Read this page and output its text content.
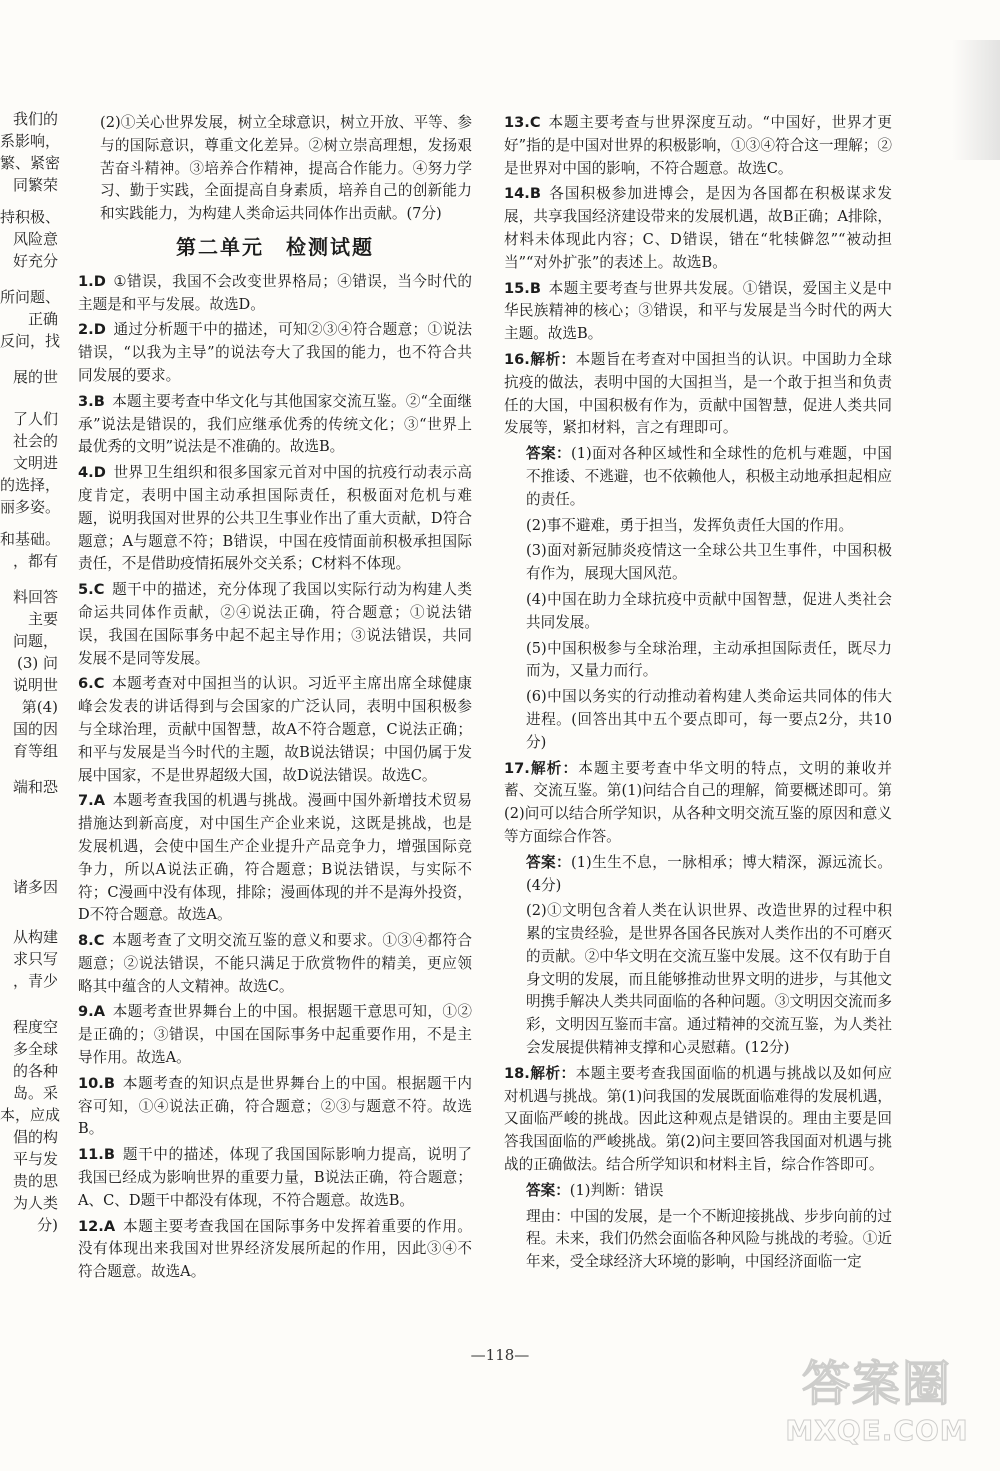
我们的

系影响，

繁、紧密

同繁荣

持积极、

风险意

好充分

所问题、

正确

反问，找

展的世

了人们

社会的

文明进

的选择，

丽多姿。

和基础。

，都有

料回答

主要

问题，

(3) 问

说明世

第(4)

国的因

育等组

端和恐

诸多因

从构建

求只写

，青少

程度空

多全球

的各种

岛。采

本，应成

倡的构

平与发

贵的思

为人类

分)

(2)①关心世界发展，树立全球意识，树立开放、平等、参与的国际意识，尊重文化差异。②树立崇高理想，发扬艰苦奋斗精神。③培养合作精神，提高合作能力。④努力学习、勤于实践，全面提高自身素质，培养自己的创新能力和实践能力，为构建人类命运共同体作出贡献。(7分)

第二单元　检测试题

1.D  ①错误，我国不会改变世界格局；④错误，当今时代的主题是和平与发展。故选D。

2.D  通过分析题干中的描述，可知②③④符合题意；①说法错误，“以我为主导”的说法夸大了我国的能力，也不符合共同发展的要求。

3.B  本题主要考查中华文化与其他国家交流互鉴。②“全面继承”说法是错误的，我们应继承优秀的传统文化；③“世界上最优秀的文明”说法是不准确的。故选B。

4.D  世界卫生组织和很多国家元首对中国的抗疫行动表示高度肯定，表明中国主动承担国际责任，积极面对危机与难题，说明我国对世界的公共卫生事业作出了重大贡献，D符合题意；A与题意不符；B错误，中国在疫情面前积极承担国际责任，不是借助疫情拓展外交关系；C材料不体现。

5.C  题干中的描述，充分体现了我国以实际行动为构建人类命运共同体作贡献，②④说法正确，符合题意；①说法错误，我国在国际事务中起不起主导作用；③说法错误，共同发展不是同等发展。

6.C  本题考查对中国担当的认识。习近平主席出席全球健康峰会发表的讲话得到与会国家的广泛认同，表明中国积极参与全球治理，贡献中国智慧，故A不符合题意，C说法正确；和平与发展是当今时代的主题，故B说法错误；中国仍属于发展中国家，不是世界超级大国，故D说法错误。故选C。

7.A  本题考查我国的机遇与挑战。漫画中国外新增技术贸易措施达到新高度，对中国生产企业来说，这既是挑战，也是发展机遇，会使中国生产企业提升产品竞争力，增强国际竞争力，所以A说法正确，符合题意；B说法错误，与实际不符；C漫画中没有体现，排除；漫画体现的并不是海外投资，D不符合题意。故选A。

8.C  本题考查了文明交流互鉴的意义和要求。①③④都符合题意；②说法错误，不能只满足于欣赏物件的精美，更应领略其中蕴含的人文精神。故选C。

9.A  本题考查世界舞台上的中国。根据题干意思可知，①②是正确的；③错误，中国在国际事务中起重要作用，不是主导作用。故选A。

10.B  本题考查的知识点是世界舞台上的中国。根据题干内容可知，①④说法正确，符合题意；②③与题意不符。故选B。

11.B  题干中的描述，体现了我国国际影响力提高，说明了我国已经成为影响世界的重要力量，B说法正确，符合题意；A、C、D题干中都没有体现，不符合题意。故选B。

12.A  本题主要考查我国在国际事务中发挥着重要的作用。没有体现出来我国对世界经济发展所起的作用，因此③④不符合题意。故选A。

13.C  本题主要考查与世界深度互动。“中国好，世界才更好”指的是中国对世界的积极影响，①③④符合这一理解；②是世界对中国的影响，不符合题意。故选C。

14.B  各国积极参加进博会，是因为各国都在积极谋求发展，共享我国经济建设带来的发展机遇，故B正确；A排除，材料未体现此内容；C、D错误，错在“牝犊僻忽”“被动担当”“对外扩张”的表述上。故选B。

15.B  本题主要考查与世界共发展。①错误，爱国主义是中华民族精神的核心；③错误，和平与发展是当今时代的两大主题。故选B。

16.解析：本题旨在考查对中国担当的认识。中国助力全球抗疫的做法，表明中国的大国担当，是一个敢于担当和负责任的大国，中国积极有作为，贡献中国智慧，促进人类共同发展等，紧扣材料，言之有理即可。

答案：(1)面对各种区域性和全球性的危机与难题，中国不推诿、不逃避，也不依赖他人，积极主动地承担起相应的责任。

(2)事不避难，勇于担当，发挥负责任大国的作用。

(3)面对新冠肺炎疫情这一全球公共卫生事件，中国积极有作为，展现大国风范。

(4)中国在助力全球抗疫中贡献中国智慧，促进人类社会共同发展。

(5)中国积极参与全球治理，主动承担国际责任，既尽力而为，又量力而行。

(6)中国以务实的行动推动着构建人类命运共同体的伟大进程。(回答出其中五个要点即可，每一要点2分，共10分)

17.解析：本题主要考查中华文明的特点，文明的兼收并蓄、交流互鉴。第(1)问结合自己的理解，简要概述即可。第(2)问可以结合所学知识，从各种文明交流互鉴的原因和意义等方面综合作答。

答案：(1)生生不息，一脉相承；博大精深，源远流长。(4分)

(2)①文明包含着人类在认识世界、改造世界的过程中积累的宝贵经验，是世界各国各民族对人类作出的不可磨灭的贡献。②中华文明在交流互鉴中发展。这不仅有助于自身文明的发展，而且能够推动世界文明的进步，与其他文明携手解决人类共同面临的各种问题。③文明因交流而多彩，文明因互鉴而丰富。通过精神的交流互鉴，为人类社会发展提供精神支撑和心灵慰藉。(12分)

18.解析：本题主要考查我国面临的机遇与挑战以及如何应对机遇与挑战。第(1)问我国的发展既面临难得的发展机遇，又面临严峻的挑战。因此这种观点是错误的。理由主要是回答我国面临的严峻挑战。第(2)问主要回答我国面对机遇与挑战的正确做法。结合所学知识和材料主旨，综合作答即可。

答案：(1)判断：错误

理由：中国的发展，是一个不断迎接挑战、步步向前的过程。未来，我们仍然会面临各种风险与挑战的考验。①近年来，受全球经济大环境的影响，中国经济面临一定

—118—
答案圈
MXQE.COM
